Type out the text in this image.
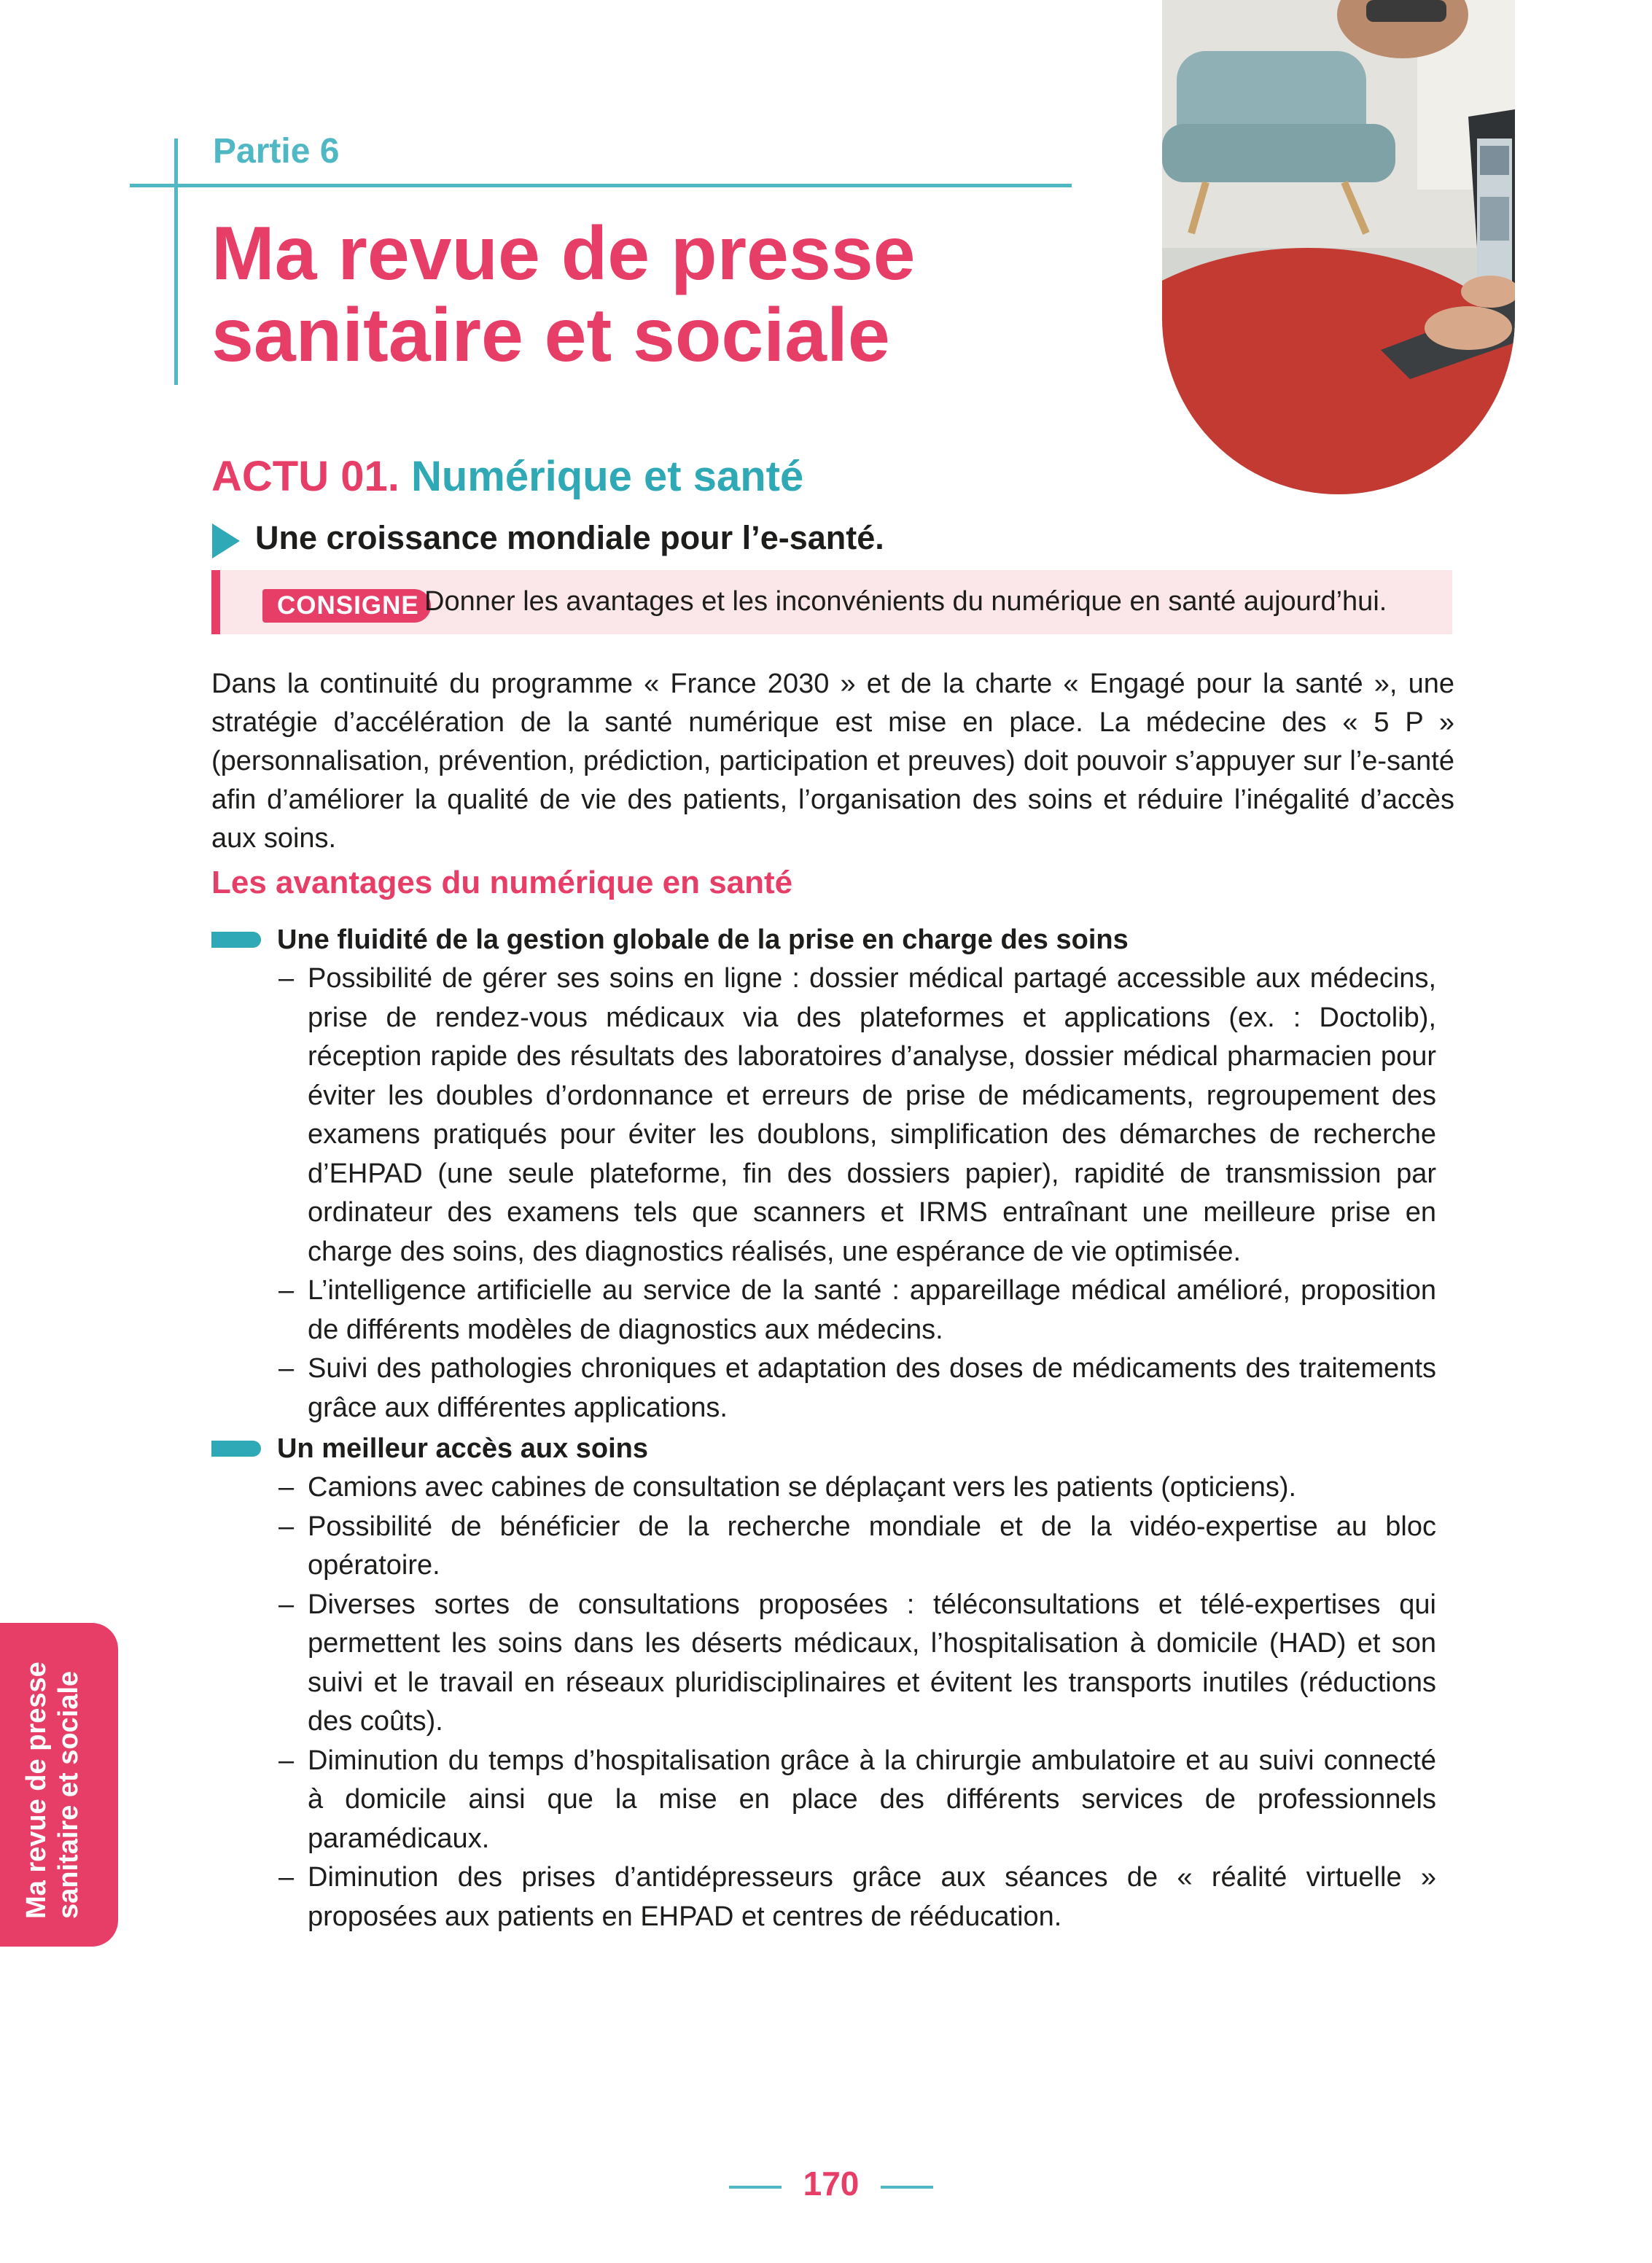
Partie 6
Ma revue de presse
sanitaire et sociale
ACTU 01. Numérique et santé
Une croissance mondiale pour l’e-santé.
CONSIGNE Donner les avantages et les inconvénients du numérique en santé aujourd’hui.
Dans la continuité du programme « France 2030 » et de la charte « Engagé pour la santé », une stratégie d’accélération de la santé numérique est mise en place. La médecine des « 5 P » (personnalisation, prévention, prédiction, participation et preuves) doit pouvoir s’appuyer sur l’e-santé afin d’améliorer la qualité de vie des patients, l’organisation des soins et réduire l’inégalité d’accès aux soins.
Les avantages du numérique en santé
Une fluidité de la gestion globale de la prise en charge des soins
– Possibilité de gérer ses soins en ligne : dossier médical partagé accessible aux médecins, prise de rendez-vous médicaux via des plateformes et applications (ex. : Doctolib), réception rapide des résultats des laboratoires d’analyse, dossier médical pharmacien pour éviter les doubles d’ordonnance et erreurs de prise de médicaments, regroupement des examens pratiqués pour éviter les doublons, simplification des démarches de recherche d’EHPAD (une seule plateforme, fin des dossiers papier), rapidité de transmission par ordinateur des examens tels que scanners et IRMS entraînant une meilleure prise en charge des soins, des diagnostics réalisés, une espérance de vie optimisée.
– L’intelligence artificielle au service de la santé : appareillage médical amélioré, proposition de différents modèles de diagnostics aux médecins.
– Suivi des pathologies chroniques et adaptation des doses de médicaments des traitements grâce aux différentes applications.
Un meilleur accès aux soins
– Camions avec cabines de consultation se déplaçant vers les patients (opticiens).
– Possibilité de bénéficier de la recherche mondiale et de la vidéo-expertise au bloc opératoire.
– Diverses sortes de consultations proposées : téléconsultations et télé-expertises qui permettent les soins dans les déserts médicaux, l’hospitalisation à domicile (HAD) et son suivi et le travail en réseaux pluridisciplinaires et évitent les transports inutiles (réductions des coûts).
– Diminution du temps d’hospitalisation grâce à la chirurgie ambulatoire et au suivi connecté à domicile ainsi que la mise en place des différents services de professionnels paramédicaux.
– Diminution des prises d’antidépresseurs grâce aux séances de « réalité virtuelle » proposées aux patients en EHPAD et centres de rééducation.
Ma revue de presse sanitaire et sociale
170
